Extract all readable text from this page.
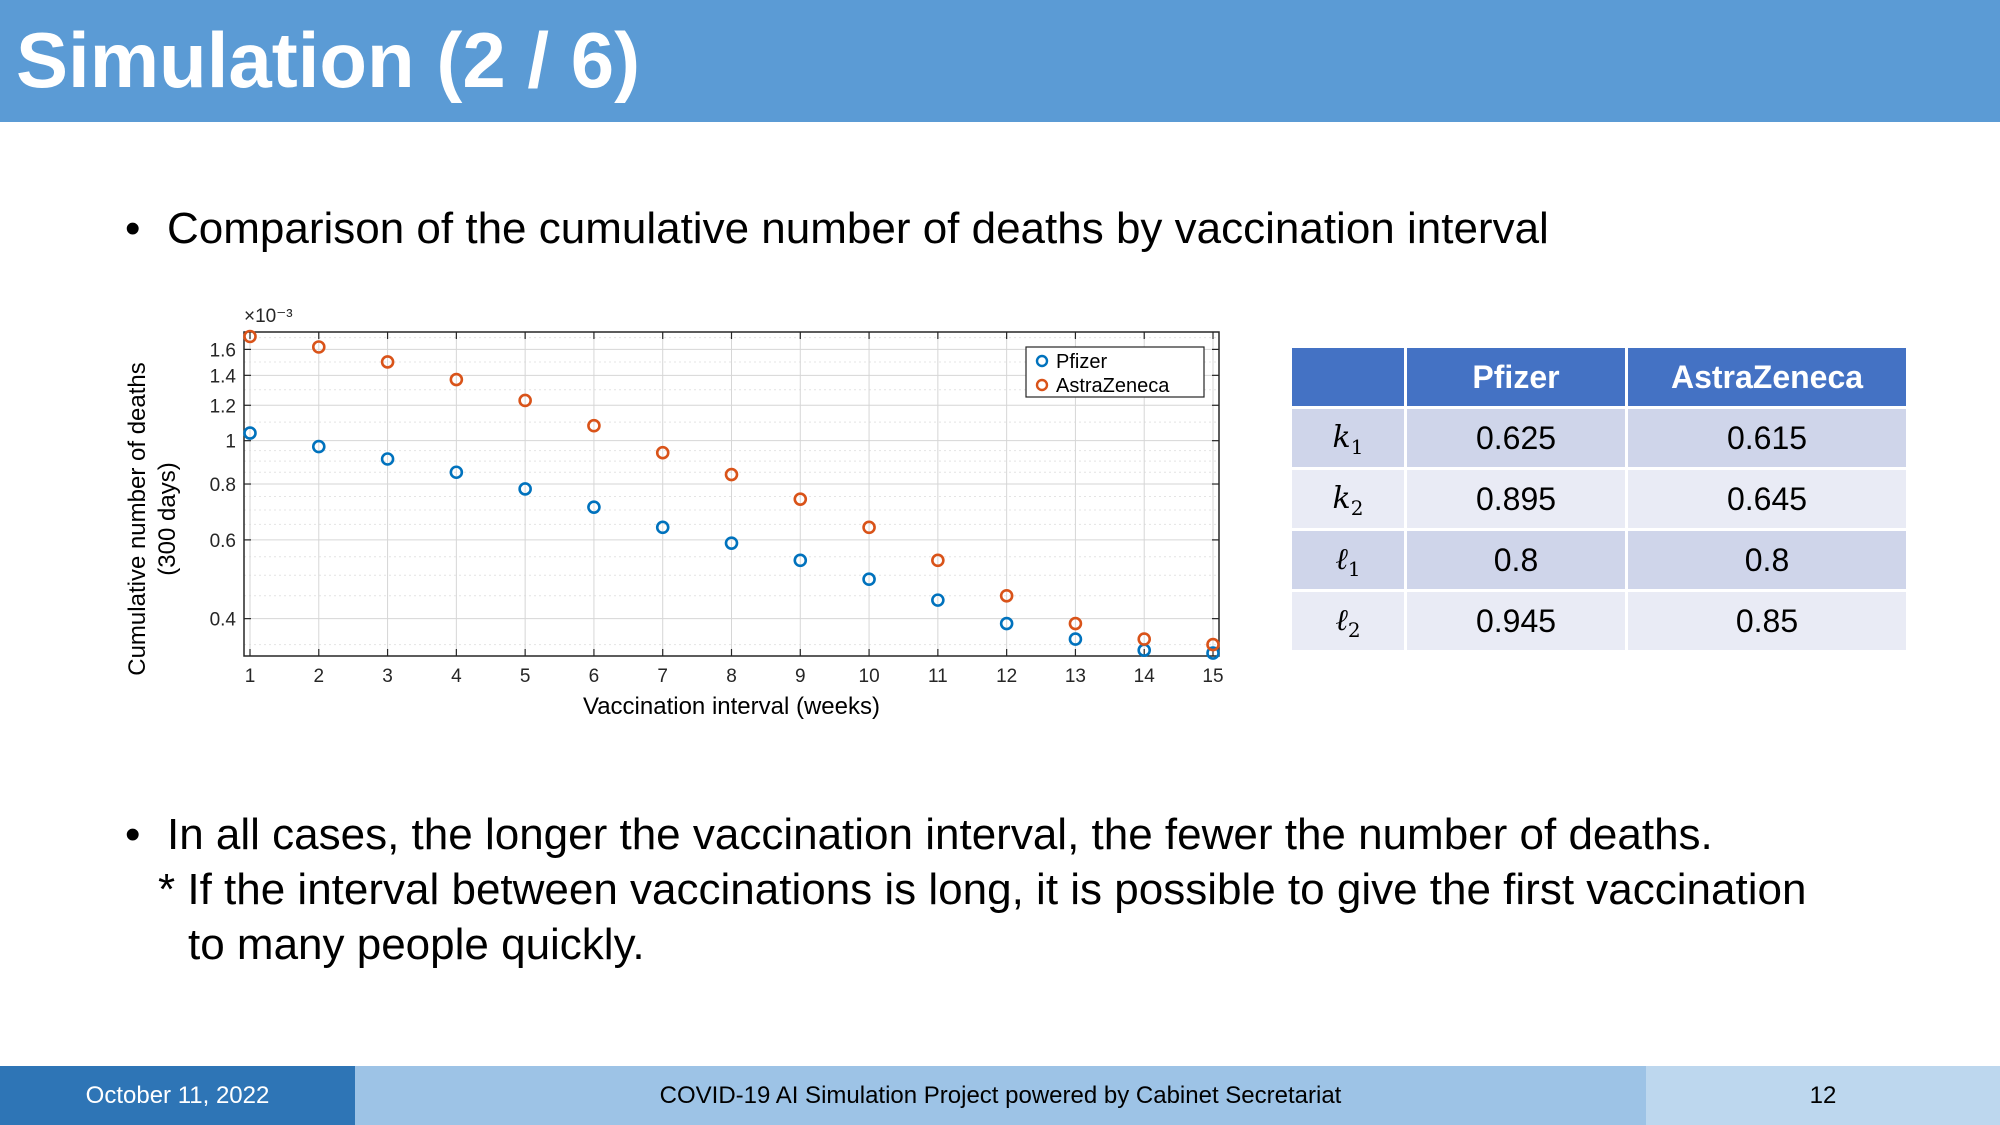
Simulation (2 / 6)
• Comparison of the cumulative number of deaths by vaccination interval
1	2	3	4	5	6	7	8	9	10	11	12	13	14	15
0.4
0.6
0.8
1
1.2
1.4
1.6
×10⁻³
Vaccination interval (weeks)
Cumulative number of deaths (300 days)
Pfizer
AstraZeneca
		Pfizer	AstraZeneca
$k_1$	0.625	0.615
$k_2$	0.895	0.645
ℓ$_1$	0.8	0.8
ℓ$_2$	0.945	0.85
• In all cases, the longer the vaccination interval, the fewer the number of deaths.
* If the interval between vaccinations is long, it is possible to give the first vaccination
to many people quickly.
October 11, 2022	COVID-19 AI Simulation Project powered by Cabinet Secretariat	12
